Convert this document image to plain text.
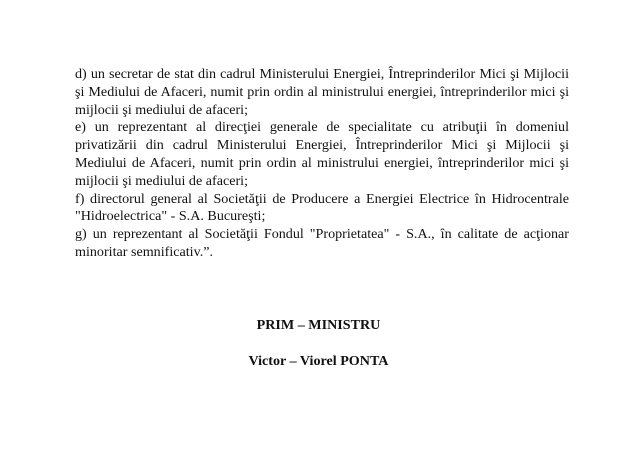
d) un secretar de stat din cadrul Ministerului Energiei, Întreprinderilor Mici şi Mijlocii şi Mediului de Afaceri, numit prin ordin al ministrului energiei, întreprinderilor mici şi mijlocii şi mediului de afaceri;

e) un reprezentant al direcţiei generale de specialitate cu atribuţii în domeniul privatizării din cadrul Ministerului Energiei, Întreprinderilor Mici şi Mijlocii şi Mediului de Afaceri, numit prin ordin al ministrului energiei, întreprinderilor mici şi mijlocii şi mediului de afaceri;

f) directorul general al Societăţii de Producere a Energiei Electrice în Hidrocentrale "Hidroelectrica" - S.A. Bucureşti;

g) un reprezentant al Societăţii Fondul "Proprietatea" - S.A., în calitate de acţionar minoritar semnificativ.”.

PRIM – MINISTRU
Victor – Viorel PONTA
